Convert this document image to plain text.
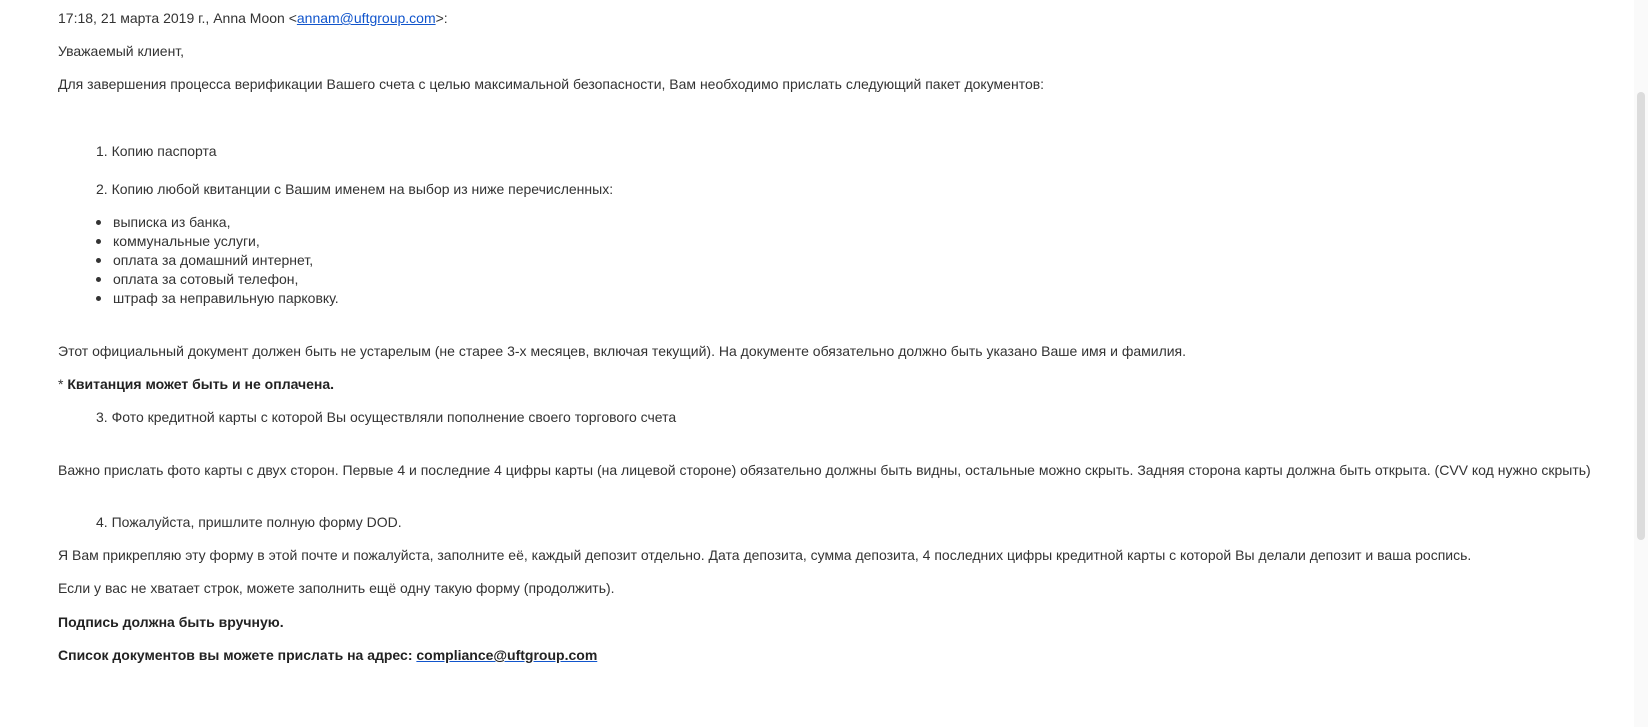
17:18, 21 марта 2019 г., Anna Moon <annam@uftgroup.com>:
Уважаемый клиент,
Для завершения процесса верификации Вашего счета с целью максимальной безопасности, Вам необходимо прислать следующий пакет документов:
1. Копию паспорта
2. Копию любой квитанции с Вашим именем на выбор из ниже перечисленных:
выписка из банка,
коммунальные услуги,
оплата за домашний интернет,
оплата за сотовый телефон,
штраф за неправильную парковку.
Этот официальный документ должен быть не устарелым (не старее 3-х месяцев, включая текущий). На документе обязательно должно быть указано Ваше имя и фамилия.
* Квитанция может быть и не оплачена.
3. Фото кредитной карты с которой Вы осуществляли пополнение своего торгового счета
Важно прислать фото карты с двух сторон. Первые 4 и последние 4 цифры карты (на лицевой стороне) обязательно должны быть видны, остальные можно скрыть. Задняя сторона карты должна быть открыта. (CVV код нужно скрыть)
4. Пожалуйста, пришлите полную форму DOD.
Я Вам прикрепляю эту форму в этой почте и пожалуйста, заполните её, каждый депозит отдельно. Дата депозита, сумма депозита, 4 последних цифры кредитной карты с которой Вы делали депозит и ваша роспись.
Если у вас не хватает строк, можете заполнить ещё одну такую форму (продолжить).
Подпись должна быть вручную.
Список документов вы можете прислать на адрес: compliance@uftgroup.com
